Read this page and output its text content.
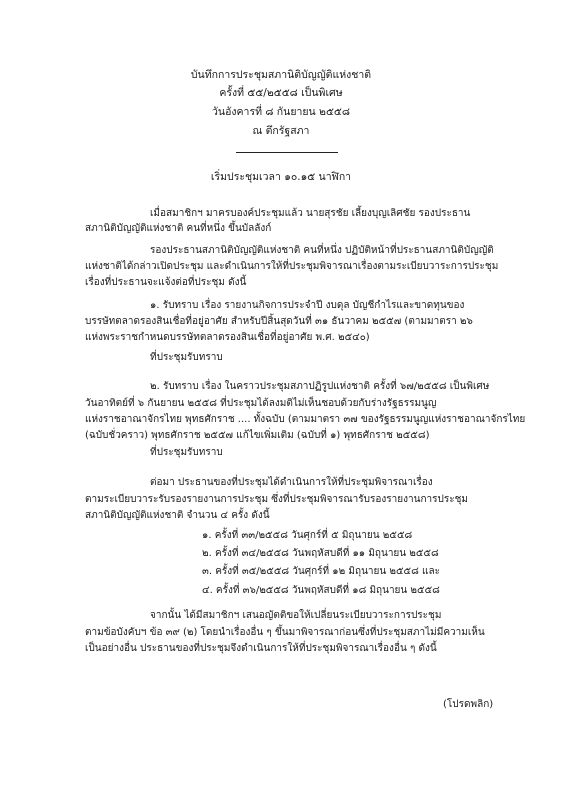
บันทึกการประชุมสภานิติบัญญัติแห่งชาติ
ครั้งที่ ๕๕/๒๕๕๘ เป็นพิเศษ
วันอังคารที่ ๘ กันยายน ๒๕๕๘
ณ ตึกรัฐสภา
เริ่มประชุมเวลา ๑๐.๑๕ นาฬิกา
เมื่อสมาชิกฯ มาครบองค์ประชุมแล้ว นายสุรชัย เลี้ยงบุญเลิศชัย รองประธาน
สภานิติบัญญัติแห่งชาติ คนที่หนึ่ง ขึ้นบัลลังก์
รองประธานสภานิติบัญญัติแห่งชาติ คนที่หนึ่ง ปฏิบัติหน้าที่ประธานสภานิติบัญญัติ
แห่งชาติได้กล่าวเปิดประชุม และดำเนินการให้ที่ประชุมพิจารณาเรื่องตามระเบียบวาระการประชุม
เรื่องที่ประธานจะแจ้งต่อที่ประชุม ดังนี้
๑. รับทราบ เรื่อง รายงานกิจการประจำปี งบดุล บัญชีกำไรและขาดทุนของ
บรรษัทตลาดรองสินเชื่อที่อยู่อาศัย สำหรับปีสิ้นสุดวันที่ ๓๑ ธันวาคม ๒๕๕๗ (ตามมาตรา ๒๖
แห่งพระราชกำหนดบรรษัทตลาดรองสินเชื่อที่อยู่อาศัย พ.ศ. ๒๕๔๐)
ที่ประชุมรับทราบ
๒. รับทราบ เรื่อง ในคราวประชุมสภาปฏิรูปแห่งชาติ ครั้งที่ ๖๗/๒๕๕๘ เป็นพิเศษ
วันอาทิตย์ที่ ๖ กันยายน ๒๕๕๘ ที่ประชุมได้ลงมติไม่เห็นชอบด้วยกับร่างรัฐธรรมนูญ
แห่งราชอาณาจักรไทย พุทธศักราช .... ทั้งฉบับ (ตามมาตรา ๓๗ ของรัฐธรรมนูญแห่งราชอาณาจักรไทย
(ฉบับชั่วคราว) พุทธศักราช ๒๕๕๗ แก้ไขเพิ่มเติม (ฉบับที่ ๑) พุทธศักราช ๒๕๕๘)
ที่ประชุมรับทราบ
ต่อมา ประธานของที่ประชุมได้ดำเนินการให้ที่ประชุมพิจารณาเรื่อง
ตามระเบียบวาระรับรองรายงานการประชุม ซึ่งที่ประชุมพิจารณารับรองรายงานการประชุม
สภานิติบัญญัติแห่งชาติ จำนวน ๔ ครั้ง ดังนี้
๑. ครั้งที่ ๓๓/๒๕๕๘ วันศุกร์ที่ ๕ มิถุนายน ๒๕๕๘
๒. ครั้งที่ ๓๔/๒๕๕๘ วันพฤหัสบดีที่ ๑๑ มิถุนายน ๒๕๕๘
๓. ครั้งที่ ๓๕/๒๕๕๘ วันศุกร์ที่ ๑๒ มิถุนายน ๒๕๕๘ และ
๔. ครั้งที่ ๓๖/๒๕๕๘ วันพฤหัสบดีที่ ๑๘ มิถุนายน ๒๕๕๘
จากนั้น ได้มีสมาชิกฯ เสนอญัตติขอให้เปลี่ยนระเบียบวาระการประชุม
ตามข้อบังคับฯ ข้อ ๓๙ (๒) โดยนำเรื่องอื่น ๆ ขึ้นมาพิจารณาก่อนซึ่งที่ประชุมสภาไม่มีความเห็น
เป็นอย่างอื่น ประธานของที่ประชุมจึงดำเนินการให้ที่ประชุมพิจารณาเรื่องอื่น ๆ ดังนี้
(โปรดพลิก)
